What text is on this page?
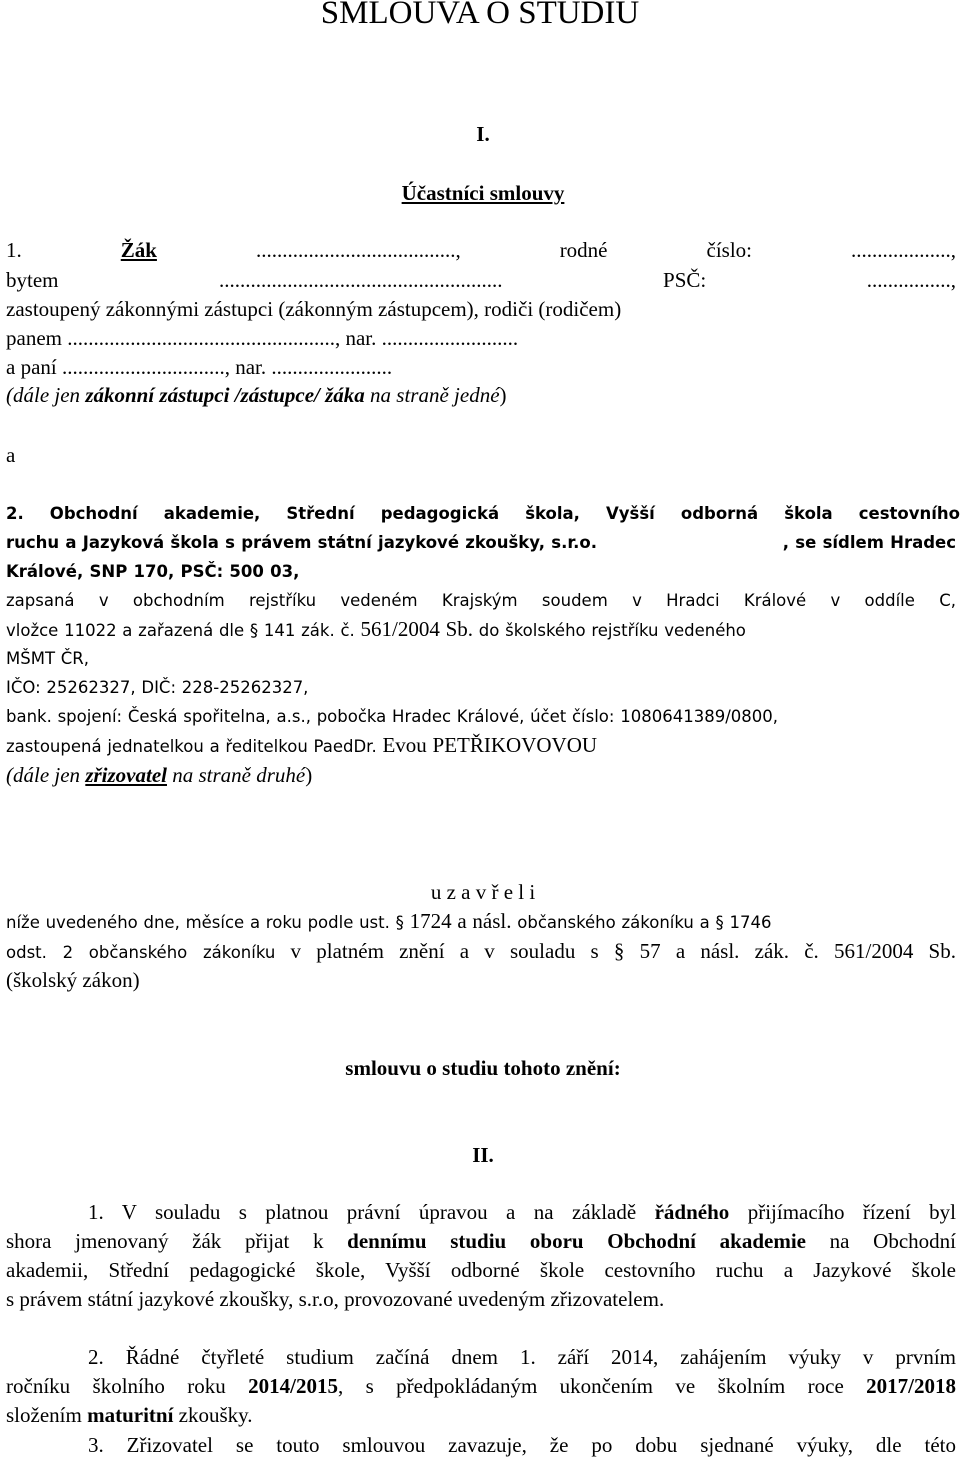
SMLOUVA O STUDIU
I.
Účastníci smlouvy
1. Žák ......................................, rodné číslo: ...................,
bytem ...................................................... PSČ: ................,
zastoupený zákonnými zástupci (zákonným zástupcem), rodiči (rodičem)
panem ..................................................., nar. ..........................
a paní ..............................., nar. .......................
(dále jen zákonní zástupci /zástupce/ žáka na straně jedné)
a
2. Obchodní akademie, Střední pedagogická škola, Vyšší odborná škola cestovního
ruchu a Jazyková škola s právem státní jazykové zkoušky, s.r.o.
Králové, SNP 170, PSČ: 500 03,
, se sídlem Hradec
zapsaná v obchodním rejstříku vedeném Krajským soudem v Hradci Králové v oddíle C,
vložce 11022 a zařazená dle § 141 zák. č. 561/2004 Sb. do školského rejstříku vedeného
MŠMT ČR,
IČO: 25262327, DIČ: 228-25262327,
bank. spojení: Česká spořitelna, a.s., pobočka Hradec Králové, účet číslo: 1080641389/0800,
zastoupená jednatelkou a ředitelkou PaedDr. Evou PETŘIKOVOVOU
(dále jen zřizovatel na straně druhé)
u z a v ř e l i
níže uvedeného dne, měsíce a roku podle ust. § 1724 a násl. občanského zákoníku a § 1746
odst. 2 občanského zákoníku v platném znění a v souladu s § 57 a násl. zák. č. 561/2004 Sb.
(školský zákon)
smlouvu o studiu tohoto znění:
II.
1. V souladu s platnou právní úpravou a na základě řádného přijímacího řízení byl
shora jmenovaný žák přijat k dennímu studiu oboru Obchodní akademie na Obchodní
akademii, Střední pedagogické škole, Vyšší odborné škole cestovního ruchu a Jazykové škole
s právem státní jazykové zkoušky, s.r.o, provozované uvedeným zřizovatelem.
2. Řádné čtyřleté studium začíná dnem 1. září 2014, zahájením výuky v prvním
ročníku školního roku 2014/2015, s předpokládaným ukončením ve školním roce 2017/2018
složením maturitní zkoušky.
3. Zřizovatel se touto smlouvou zavazuje, že po dobu sjednané výuky, dle této
